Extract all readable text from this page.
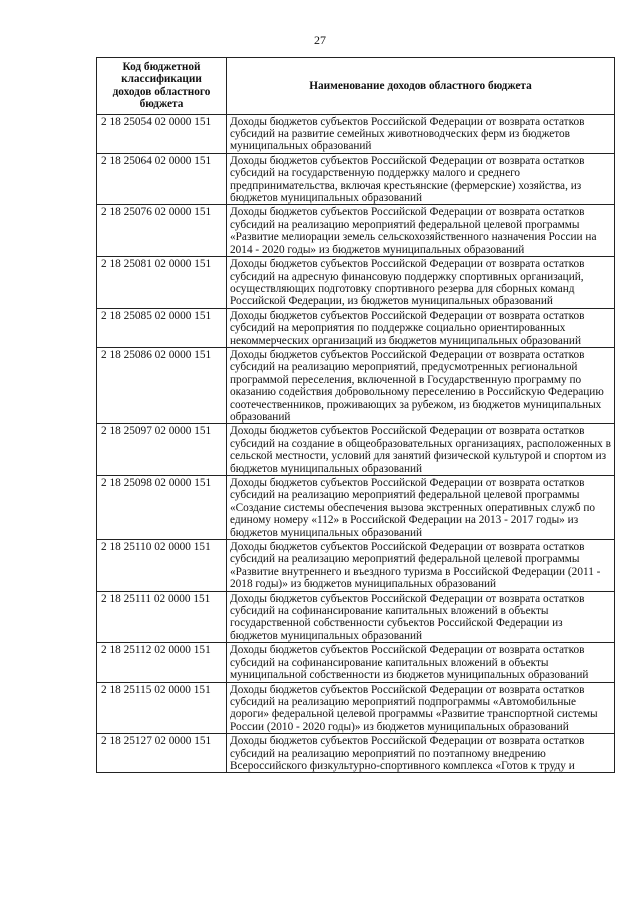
27
Код бюджетной классификации доходов областного бюджета	Наименование доходов областного бюджета
2 18 25054 02 0000 151	Доходы бюджетов субъектов Российской Федерации от возврата остатков субсидий на развитие семейных животноводческих ферм из бюджетов муниципальных образований
2 18 25064 02 0000 151	Доходы бюджетов субъектов Российской Федерации от возврата остатков субсидий на государственную поддержку малого и среднего предпринимательства, включая крестьянские (фермерские) хозяйства, из бюджетов муниципальных образований
2 18 25076 02 0000 151	Доходы бюджетов субъектов Российской Федерации от возврата остатков субсидий на реализацию мероприятий федеральной целевой программы «Развитие мелиорации земель сельскохозяйственного назначения России на 2014 - 2020 годы» из бюджетов муниципальных образований
2 18 25081 02 0000 151	Доходы бюджетов субъектов Российской Федерации от возврата остатков субсидий на адресную финансовую поддержку спортивных организаций, осуществляющих подготовку спортивного резерва для сборных команд Российской Федерации, из бюджетов муниципальных образований
2 18 25085 02 0000 151	Доходы бюджетов субъектов Российской Федерации от возврата остатков субсидий на мероприятия по поддержке социально ориентированных некоммерческих организаций из бюджетов муниципальных образований
2 18 25086 02 0000 151	Доходы бюджетов субъектов Российской Федерации от возврата остатков субсидий на реализацию мероприятий, предусмотренных региональной программой переселения, включенной в Государственную программу по оказанию содействия добровольному переселению в Российскую Федерацию соотечественников, проживающих за рубежом, из бюджетов муниципальных образований
2 18 25097 02 0000 151	Доходы бюджетов субъектов Российской Федерации от возврата остатков субсидий на создание в общеобразовательных организациях, расположенных в сельской местности, условий для занятий физической культурой и спортом из бюджетов муниципальных образований
2 18 25098 02 0000 151	Доходы бюджетов субъектов Российской Федерации от возврата остатков субсидий на реализацию мероприятий федеральной целевой программы «Создание системы обеспечения вызова экстренных оперативных служб по единому номеру «112» в Российской Федерации на 2013 - 2017 годы» из бюджетов муниципальных образований
2 18 25110 02 0000 151	Доходы бюджетов субъектов Российской Федерации от возврата остатков субсидий на реализацию мероприятий федеральной целевой программы «Развитие внутреннего и въездного туризма в Российской Федерации (2011 - 2018 годы)» из бюджетов муниципальных образований
2 18 25111 02 0000 151	Доходы бюджетов субъектов Российской Федерации от возврата остатков субсидий на софинансирование капитальных вложений в объекты государственной собственности субъектов Российской Федерации из бюджетов муниципальных образований
2 18 25112 02 0000 151	Доходы бюджетов субъектов Российской Федерации от возврата остатков субсидий на софинансирование капитальных вложений в объекты муниципальной собственности из бюджетов муниципальных образований
2 18 25115 02 0000 151	Доходы бюджетов субъектов Российской Федерации от возврата остатков субсидий на реализацию мероприятий подпрограммы «Автомобильные дороги» федеральной целевой программы «Развитие транспортной системы России (2010 - 2020 годы)» из бюджетов муниципальных образований
2 18 25127 02 0000 151	Доходы бюджетов субъектов Российской Федерации от возврата остатков субсидий на реализацию мероприятий по поэтапному внедрению Всероссийского физкультурно-спортивного комплекса «Готов к труду и
